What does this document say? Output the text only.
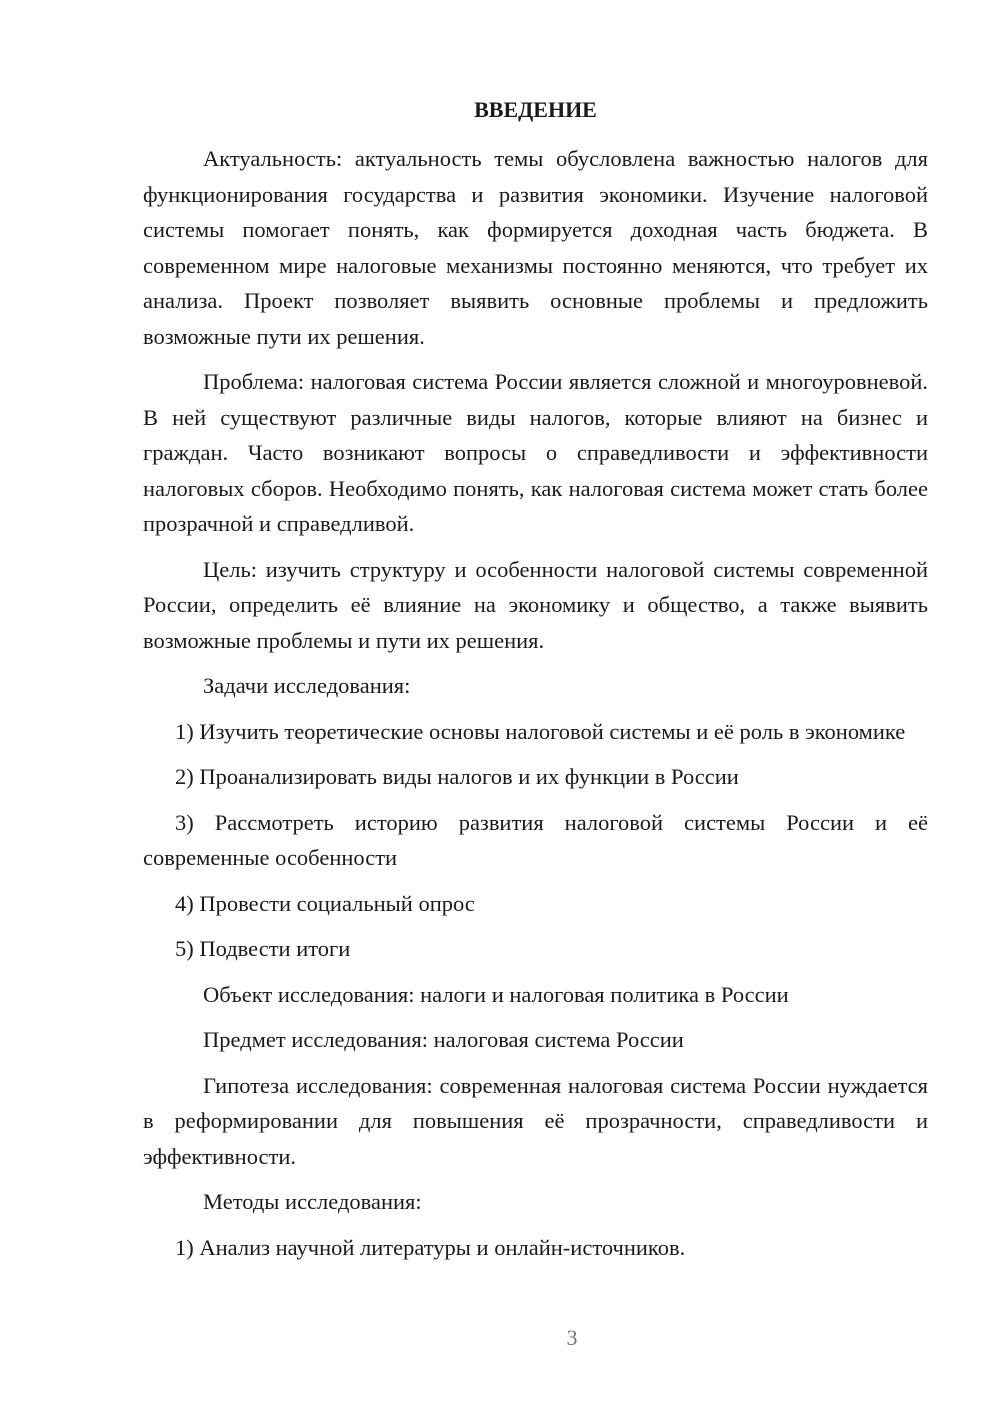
ВВЕДЕНИЕ

Актуальность: актуальность темы обусловлена важностью налогов для функционирования государства и развития экономики. Изучение налоговой системы помогает понять, как формируется доходная часть бюджета. В современном мире налоговые механизмы постоянно меняются, что требует их анализа. Проект позволяет выявить основные проблемы и предложить возможные пути их решения.

Проблема: налоговая система России является сложной и многоуровневой. В ней существуют различные виды налогов, которые влияют на бизнес и граждан. Часто возникают вопросы о справедливости и эффективности налоговых сборов. Необходимо понять, как налоговая система может стать более прозрачной и справедливой.

Цель: изучить структуру и особенности налоговой системы современной России, определить её влияние на экономику и общество, а также выявить возможные проблемы и пути их решения.

Задачи исследования:

1) Изучить теоретические основы налоговой системы и её роль в экономике

2) Проанализировать виды налогов и их функции в России

3) Рассмотреть историю развития налоговой системы России и её современные особенности

4) Провести социальный опрос

5) Подвести итоги

Объект исследования: налоги и налоговая политика в России

Предмет исследования: налоговая система России

Гипотеза исследования: современная налоговая система России нуждается в реформировании для повышения её прозрачности, справедливости и эффективности.

Методы исследования:

1) Анализ научной литературы и онлайн-источников.

3
